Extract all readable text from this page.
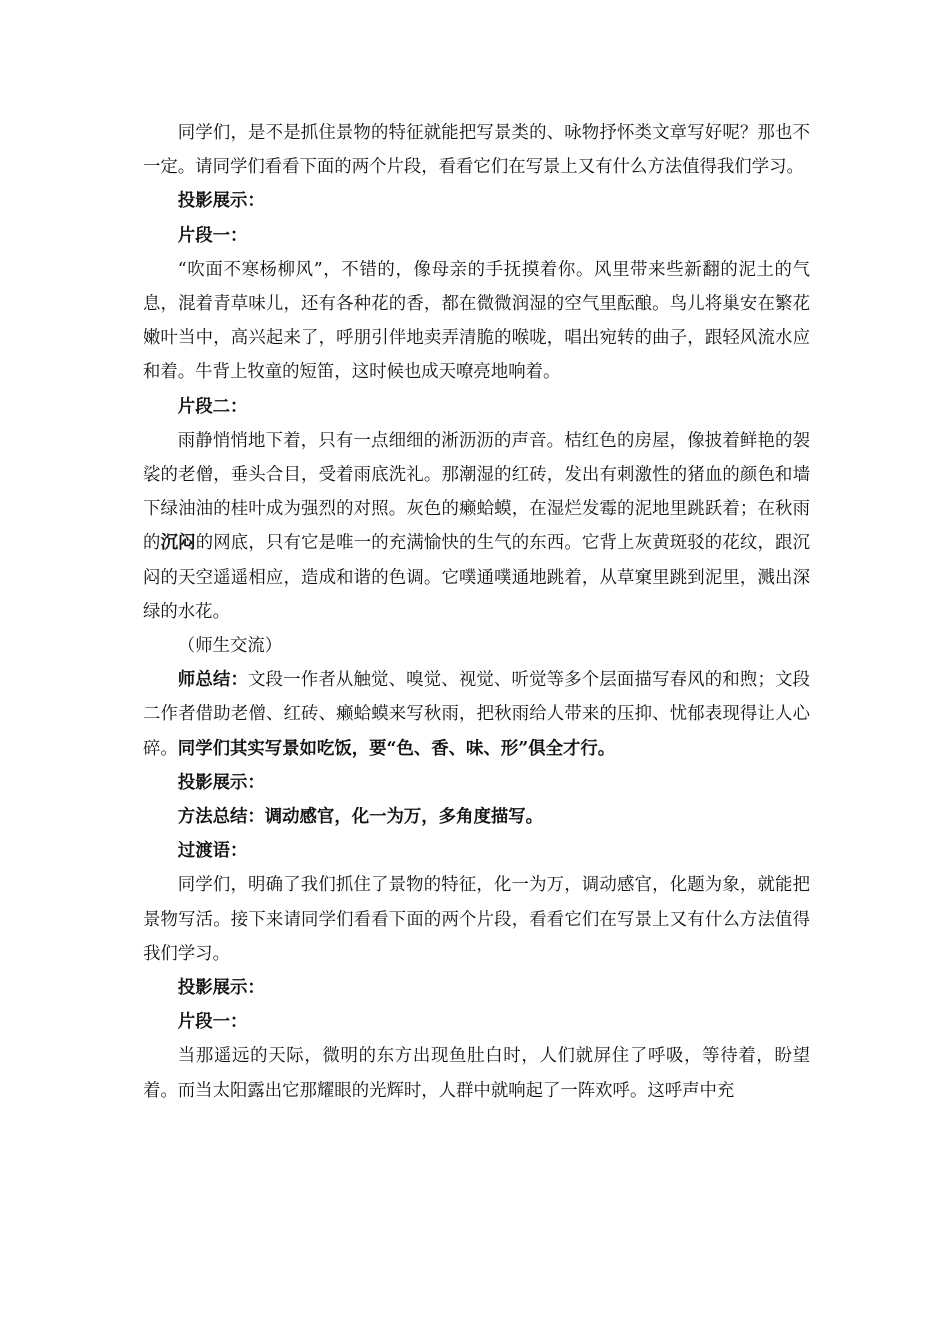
同学们，是不是抓住景物的特征就能把写景类的、咏物抒怀类文章写好呢？那也不一定。请同学们看看下面的两个片段，看看它们在写景上又有什么方法值得我们学习。

投影展示：

片段一：

“吹面不寒杨柳风”，不错的，像母亲的手抚摸着你。风里带来些新翻的泥土的气息，混着青草味儿，还有各种花的香，都在微微润湿的空气里酝酿。鸟儿将巢安在繁花嫩叶当中，高兴起来了，呼朋引伴地卖弄清脆的喉咙，唱出宛转的曲子，跟轻风流水应和着。牛背上牧童的短笛，这时候也成天嘹亮地响着。

片段二：

雨静悄悄地下着，只有一点细细的淅沥沥的声音。桔红色的房屋，像披着鲜艳的袈裟的老僧，垂头合目，受着雨底洗礼。那潮湿的红砖，发出有刺激性的猪血的颜色和墙下绿油油的桂叶成为强烈的对照。灰色的癞蛤蟆，在湿烂发霉的泥地里跳跃着；在秋雨的沉闷的网底，只有它是唯一的充满愉快的生气的东西。它背上灰黄斑驳的花纹，跟沉闷的天空遥遥相应，造成和谐的色调。它噗通噗通地跳着，从草窠里跳到泥里，溅出深绿的水花。

（师生交流）

师总结：文段一作者从触觉、嗅觉、视觉、听觉等多个层面描写春风的和煦；文段二作者借助老僧、红砖、癞蛤蟆来写秋雨，把秋雨给人带来的压抑、忧郁表现得让人心碎。同学们其实写景如吃饭，要“色、香、味、形”俱全才行。

投影展示：

方法总结：调动感官，化一为万，多角度描写。

过渡语：

同学们，明确了我们抓住了景物的特征，化一为万，调动感官，化题为象，就能把景物写活。接下来请同学们看看下面的两个片段，看看它们在写景上又有什么方法值得我们学习。

投影展示：

片段一：

当那遥远的天际，微明的东方出现鱼肚白时，人们就屏住了呼吸，等待着，盼望着。而当太阳露出它那耀眼的光辉时，人群中就响起了一阵欢呼。这呼声中充
